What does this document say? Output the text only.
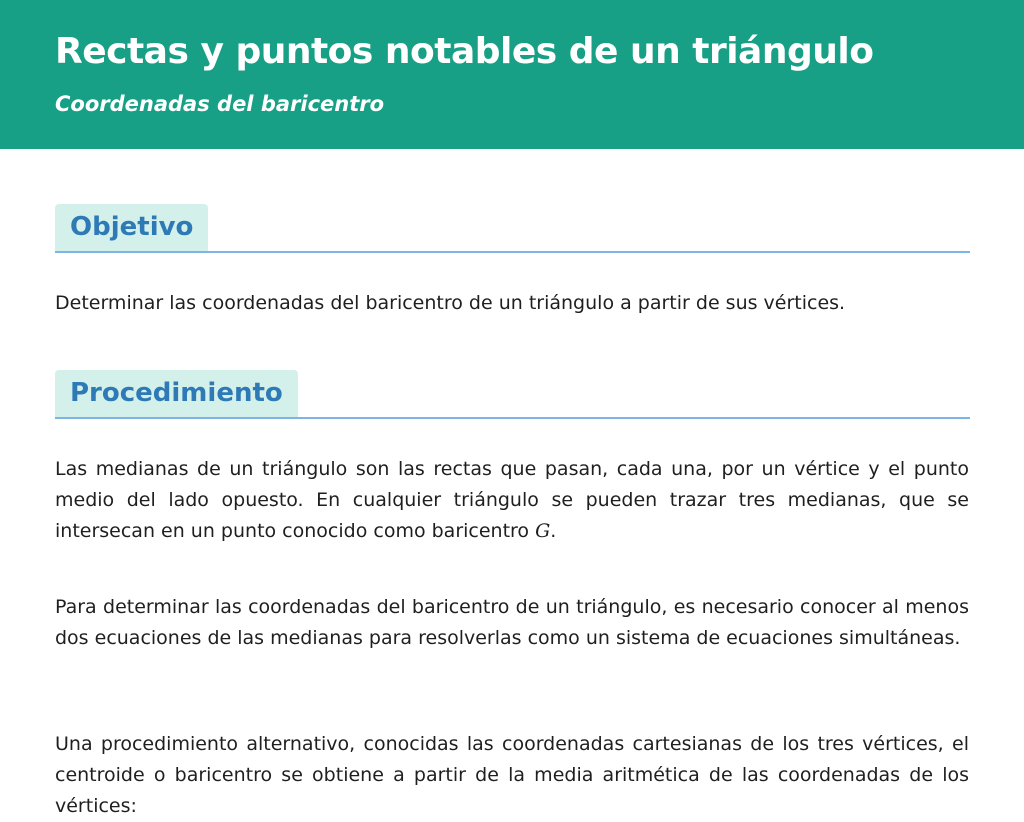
Rectas y puntos notables de un triángulo
Coordenadas del baricentro
Objetivo

Determinar las coordenadas del baricentro de un triángulo a partir de sus vértices.

Procedimiento

Las medianas de un triángulo son las rectas que pasan, cada una, por un vértice y el punto medio del lado opuesto. En cualquier triángulo se pueden trazar tres medianas, que se intersecan en un punto conocido como baricentro G.

Para determinar las coordenadas del baricentro de un triángulo, es necesario conocer al menos dos ecuaciones de las medianas para resolverlas como un sistema de ecuaciones simultáneas.

Una procedimiento alternativo, conocidas las coordenadas cartesianas de los tres vértices, el centroide o baricentro se obtiene a partir de la media aritmética de las coordenadas de los vértices:
